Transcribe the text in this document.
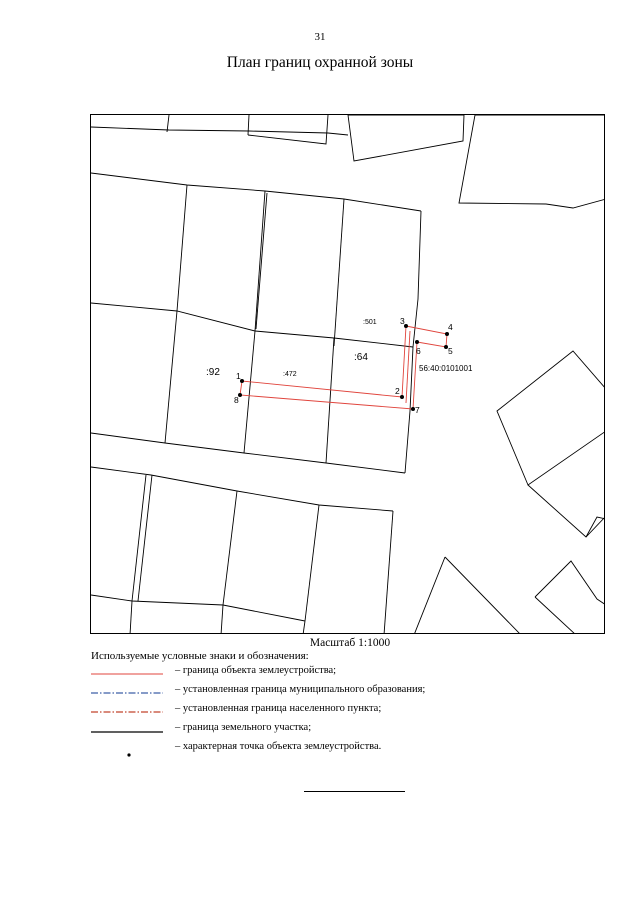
31
План границ охранной зоны
1
2
3
4
5
6
7
8
:92	:472
:501
:64
56:40:0101001
Масштаб 1:1000
Используемые условные знаки и обозначения:
– граница объекта землеустройства;
– установленная граница муниципального образования;
– установленная граница населенного пункта;
– граница земельного участка;
– характерная точка объекта землеустройства.
